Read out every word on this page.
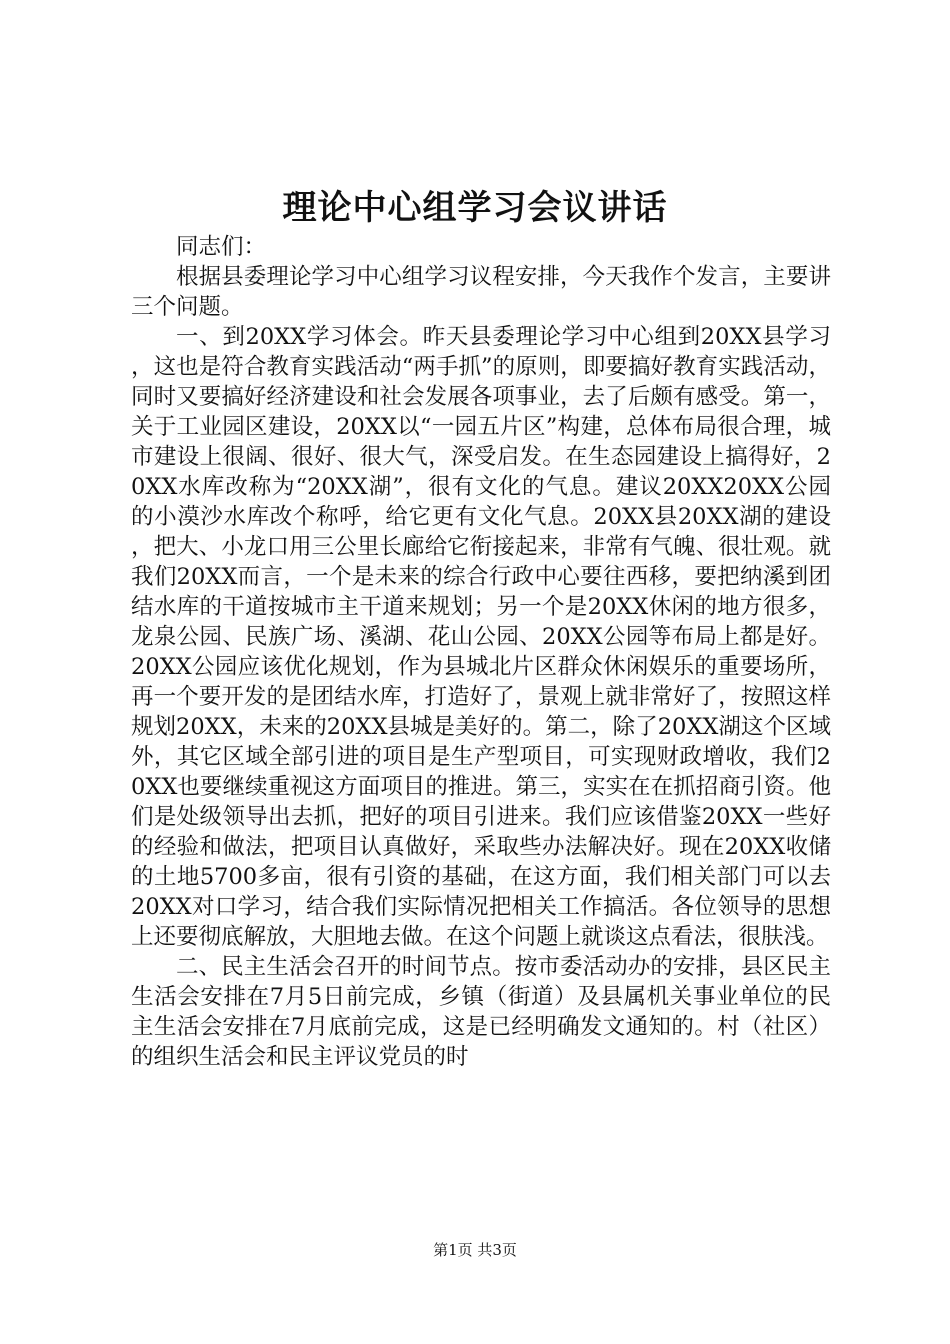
理论中心组学习会议讲话

同志们：

根据县委理论学习中心组学习议程安排，今天我作个发言，主要讲三个问题。

一、到20XX学习体会。昨天县委理论学习中心组到20XX县学习，这也是符合教育实践活动“两手抓”的原则，即要搞好教育实践活动，同时又要搞好经济建设和社会发展各项事业，去了后颇有感受。第一，关于工业园区建设，20XX以“一园五片区”构建，总体布局很合理，城市建设上很阔、很好、很大气，深受启发。在生态园建设上搞得好，20XX水库改称为“20XX湖”，很有文化的气息。建议20XX20XX公园的小漠沙水库改个称呼，给它更有文化气息。20XX县20XX湖的建设，把大、小龙口用三公里长廊给它衔接起来，非常有气魄、很壮观。就我们20XX而言，一个是未来的综合行政中心要往西移，要把纳溪到团结水库的干道按城市主干道来规划；另一个是20XX休闲的地方很多，龙泉公园、民族广场、溪湖、花山公园、20XX公园等布局上都是好。20XX公园应该优化规划，作为县城北片区群众休闲娱乐的重要场所，再一个要开发的是团结水库，打造好了，景观上就非常好了，按照这样规划20XX，未来的20XX县城是美好的。第二，除了20XX湖这个区域外，其它区域全部引进的项目是生产型项目，可实现财政增收，我们20XX也要继续重视这方面项目的推进。第三，实实在在抓招商引资。他们是处级领导出去抓，把好的项目引进来。我们应该借鉴20XX一些好的经验和做法，把项目认真做好，采取些办法解决好。现在20XX收储的土地5700多亩，很有引资的基础，在这方面，我们相关部门可以去20XX对口学习，结合我们实际情况把相关工作搞活。各位领导的思想上还要彻底解放，大胆地去做。在这个问题上就谈这点看法，很肤浅。

二、民主生活会召开的时间节点。按市委活动办的安排，县区民主生活会安排在7月5日前完成，乡镇（街道）及县属机关事业单位的民主生活会安排在7月底前完成，这是已经明确发文通知的。村（社区）的组织生活会和民主评议党员的时

第1页 共3页
